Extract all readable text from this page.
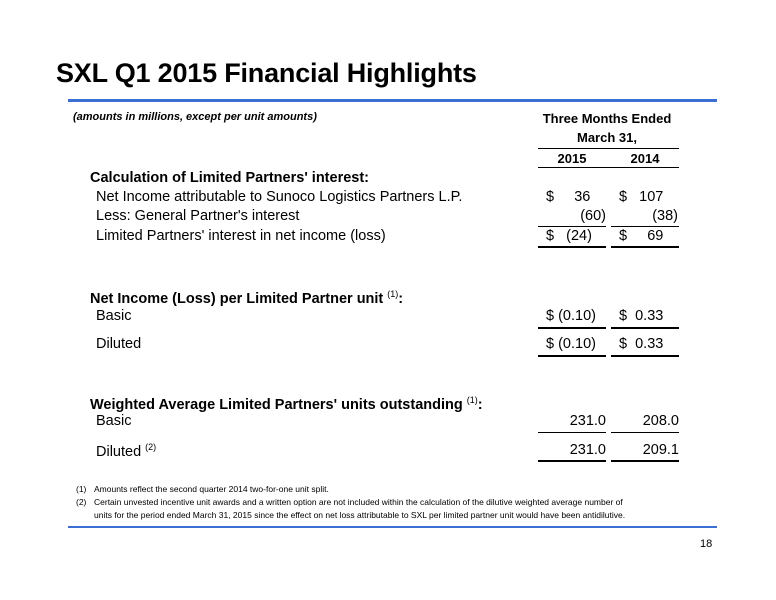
SXL Q1 2015 Financial Highlights
(amounts in millions, except per unit amounts)	Three Months Ended
March 31,
2015	2014
Calculation of Limited Partners' interest:
Net Income attributable to Sunoco Logistics Partners L.P.	$     36 $   107
Less: General Partner's interest	(60)	(38)
Limited Partners' interest in net income (loss)	$   (24) $     69
Net Income (Loss) per Limited Partner unit $^{(1)}$:
Basic	$ (0.10) $  0.33
Diluted	$ (0.10) $  0.33
Weighted Average Limited Partners' units outstanding $^{(1)}$:
Basic	231.0	208.0
Diluted $^{(2)}$	231.0	209.1
(1) Amounts reflect the second quarter 2014 two-for-one unit split.
(2) Certain unvested incentive unit awards and a written option are not included within the calculation of the dilutive weighted average number of
units for the period ended March 31, 2015 since the effect on net loss attributable to SXL per limited partner unit would have been antidilutive.
18
